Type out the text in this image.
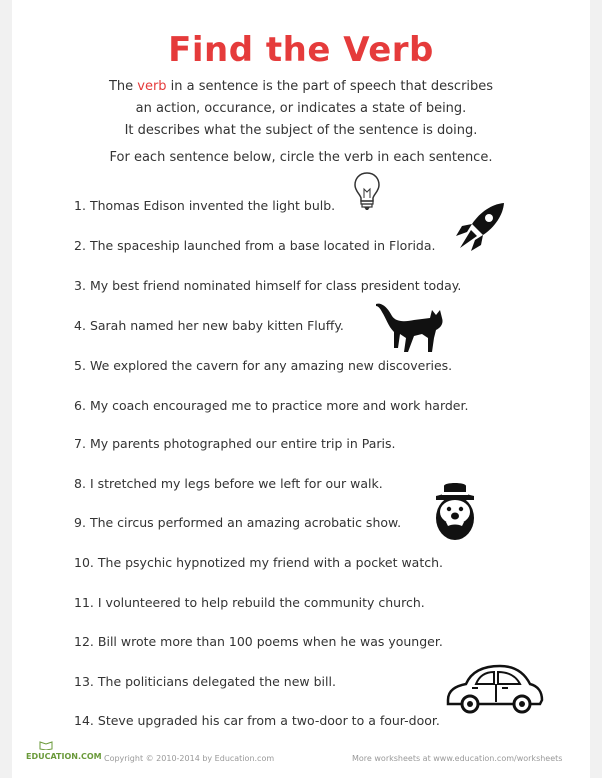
Find the Verb
The verb in a sentence is the part of speech that describes
an action, occurance, or indicates a state of being.
It describes what the subject of the sentence is doing.
For each sentence below, circle the verb in each sentence.
1. Thomas Edison invented the light bulb.
2. The spaceship launched from a base located in Florida.
3. My best friend nominated himself for class president today.
4. Sarah named her new baby kitten Fluffy.
5. We explored the cavern for any amazing new discoveries.
6. My coach encouraged me to practice more and work harder.
7. My parents photographed our entire trip in Paris.
8. I stretched my legs before we left for our walk.
9. The circus performed an amazing acrobatic show.
10. The psychic hypnotized my friend with a pocket watch.
11. I volunteered to help rebuild the community church.
12. Bill wrote more than 100 poems when he was younger.
13. The politicians delegated the new bill.
14. Steve upgraded his car from a two-door to a four-door.
EDUCATION.COM Copyright © 2010-2014 by Education.com	More worksheets at www.education.com/worksheets
